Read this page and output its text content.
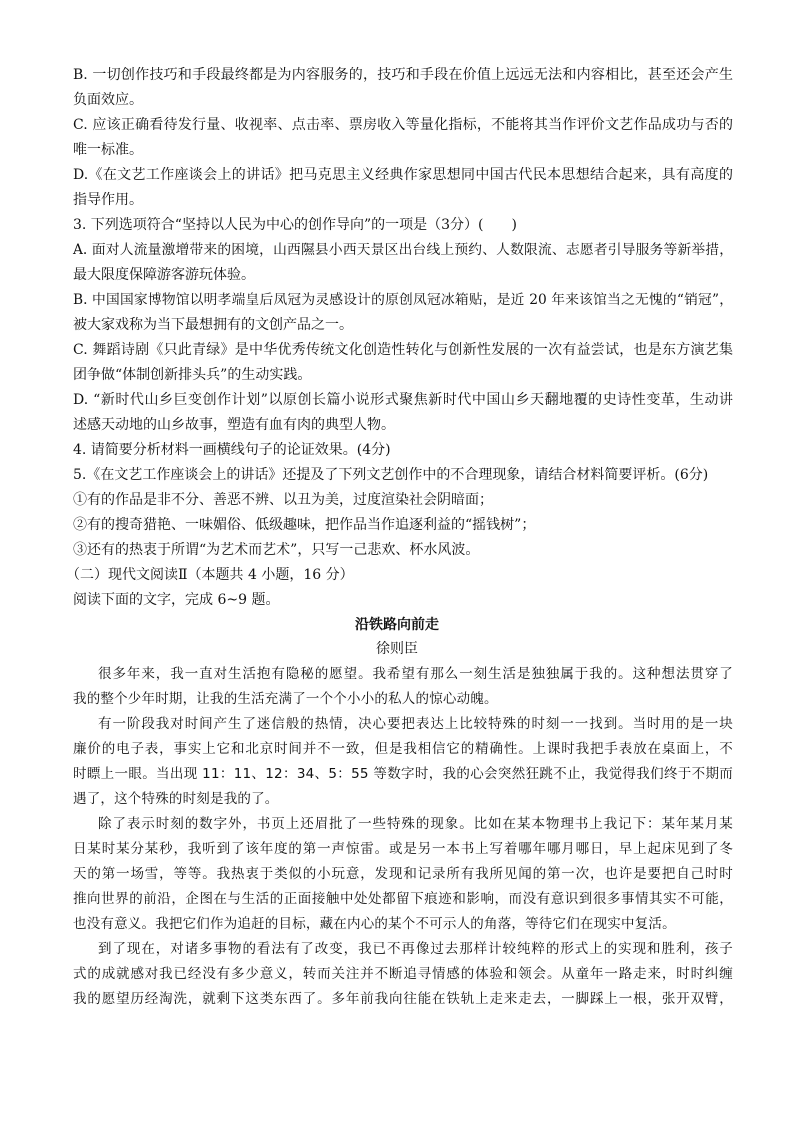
B. 一切创作技巧和手段最终都是为内容服务的，技巧和手段在价值上远远无法和内容相比，甚至还会产生
负面效应。
C. 应该正确看待发行量、收视率、点击率、票房收入等量化指标，不能将其当作评价文艺作品成功与否的
唯一标准。
D.《在文艺工作座谈会上的讲话》把马克思主义经典作家思想同中国古代民本思想结合起来，具有高度的
指导作用。
3. 下列选项符合“坚持以人民为中心的创作导向”的一项是（3分）(　　)
A. 面对人流量激增带来的困境，山西隰县小西天景区出台线上预约、人数限流、志愿者引导服务等新举措，
最大限度保障游客游玩体验。
B. 中国国家博物馆以明孝端皇后凤冠为灵感设计的原创凤冠冰箱贴，是近 20 年来该馆当之无愧的“销冠”，
被大家戏称为当下最想拥有的文创产品之一。
C. 舞蹈诗剧《只此青绿》是中华优秀传统文化创造性转化与创新性发展的一次有益尝试，也是东方演艺集
团争做“体制创新排头兵”的生动实践。
D. “新时代山乡巨变创作计划”以原创长篇小说形式聚焦新时代中国山乡天翻地覆的史诗性变革，生动讲
述感天动地的山乡故事，塑造有血有肉的典型人物。
4. 请简要分析材料一画横线句子的论证效果。(4分)
5.《在文艺工作座谈会上的讲话》还提及了下列文艺创作中的不合理现象，请结合材料简要评析。(6分)
①有的作品是非不分、善恶不辨、以丑为美，过度渲染社会阴暗面；
②有的搜奇猎艳、一味媚俗、低级趣味，把作品当作追逐利益的“摇钱树”；
③还有的热衷于所谓“为艺术而艺术”，只写一己悲欢、杯水风波。
（二）现代文阅读Ⅱ（本题共 4 小题，16 分）
阅读下面的文字，完成 6~9 题。
沿铁路向前走
徐则臣
很多年来，我一直对生活抱有隐秘的愿望。我希望有那么一刻生活是独独属于我的。这种想法贯穿了
我的整个少年时期，让我的生活充满了一个个小小的私人的惊心动魄。
有一阶段我对时间产生了迷信般的热情，决心要把表达上比较特殊的时刻一一找到。当时用的是一块
廉价的电子表，事实上它和北京时间并不一致，但是我相信它的精确性。上课时我把手表放在桌面上，不
时瞟上一眼。当出现 11：11、12：34、5：55 等数字时，我的心会突然狂跳不止，我觉得我们终于不期而
遇了，这个特殊的时刻是我的了。
除了表示时刻的数字外，书页上还眉批了一些特殊的现象。比如在某本物理书上我记下：某年某月某
日某时某分某秒，我听到了该年度的第一声惊雷。或是另一本书上写着哪年哪月哪日，早上起床见到了冬
天的第一场雪，等等。我热衷于类似的小玩意，发现和记录所有我所见闻的第一次，也许是要把自己时时
推向世界的前沿，企图在与生活的正面接触中处处都留下痕迹和影响，而没有意识到很多事情其实不可能，
也没有意义。我把它们作为追赶的目标，藏在内心的某个不可示人的角落，等待它们在现实中复活。
到了现在，对诸多事物的看法有了改变，我已不再像过去那样计较纯粹的形式上的实现和胜利，孩子
式的成就感对我已经没有多少意义，转而关注并不断追寻情感的体验和领会。从童年一路走来，时时纠缠
我的愿望历经淘洗，就剩下这类东西了。多年前我向往能在铁轨上走来走去，一脚踩上一根，张开双臂，
